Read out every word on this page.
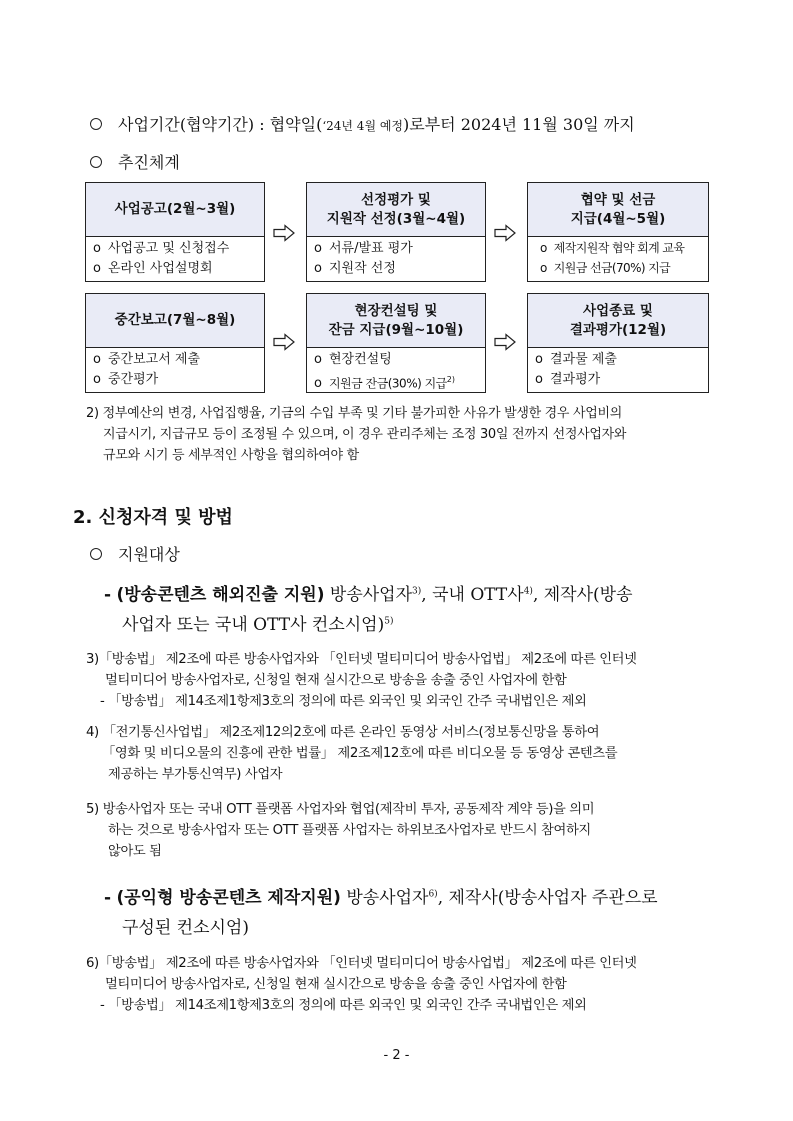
사업기간(협약기간) : 협약일(‘24년 4월 예정)로부터 2024년 11월 30일 까지
추진체계
사업공고(2월~3월)
o 사업공고 및 신청접수
o 온라인 사업설명회
선정평가 및
지원작 선정(3월~4월)
o 서류/발표 평가
o 지원작 선정
협약 및 선금
지급(4월~5월)
o 제작지원작 협약 회계 교육
o 지원금 선금(70%) 지급
중간보고(7월~8월)
o 중간보고서 제출
o 중간평가
현장컨설팅 및
잔금 지급(9월~10월)
o 현장컨설팅
o 지원금 잔금(30%) 지급$^{2)}$
사업종료 및
결과평가(12월)
o 결과물 제출
o 결과평가
2) 정부예산의 변경, 사업집행율, 기금의 수입 부족 및 기타 불가피한 사유가 발생한 경우 사업비의
지급시기, 지급규모 등이 조정될 수 있으며, 이 경우 관리주체는 조정 30일 전까지 선정사업자와
규모와 시기 등 세부적인 사항을 협의하여야 함
2. 신청자격 및 방법
지원대상
- (방송콘텐츠 해외진출 지원) 방송사업자$^{3)}$, 국내 OTT사$^{4)}$, 제작사(방송
사업자 또는 국내 OTT사 컨소시엄)$^{5)}$
3)「방송법」 제2조에 따른 방송사업자와 「인터넷 멀티미디어 방송사업법」 제2조에 따른 인터넷
멀티미디어 방송사업자로, 신청일 현재 실시간으로 방송을 송출 중인 사업자에 한함
- 「방송법」 제14조제1항제3호의 정의에 따른 외국인 및 외국인 간주 국내법인은 제외
4) 「전기통신사업법」 제2조제12의2호에 따른 온라인 동영상 서비스(정보통신망을 통하여
「영화 및 비디오물의 진흥에 관한 법률」 제2조제12호에 따른 비디오물 등 동영상 콘텐츠를
제공하는 부가통신역무) 사업자
5) 방송사업자 또는 국내 OTT 플랫폼 사업자와 협업(제작비 투자, 공동제작 계약 등)을 의미
하는 것으로 방송사업자 또는 OTT 플랫폼 사업자는 하위보조사업자로 반드시 참여하지
않아도 됨
- (공익형 방송콘텐츠 제작지원) 방송사업자$^{6)}$, 제작사(방송사업자 주관으로
구성된 컨소시엄)
6)「방송법」 제2조에 따른 방송사업자와 「인터넷 멀티미디어 방송사업법」 제2조에 따른 인터넷
멀티미디어 방송사업자로, 신청일 현재 실시간으로 방송을 송출 중인 사업자에 한함
- 「방송법」 제14조제1항제3호의 정의에 따른 외국인 및 외국인 간주 국내법인은 제외
- 2 -
